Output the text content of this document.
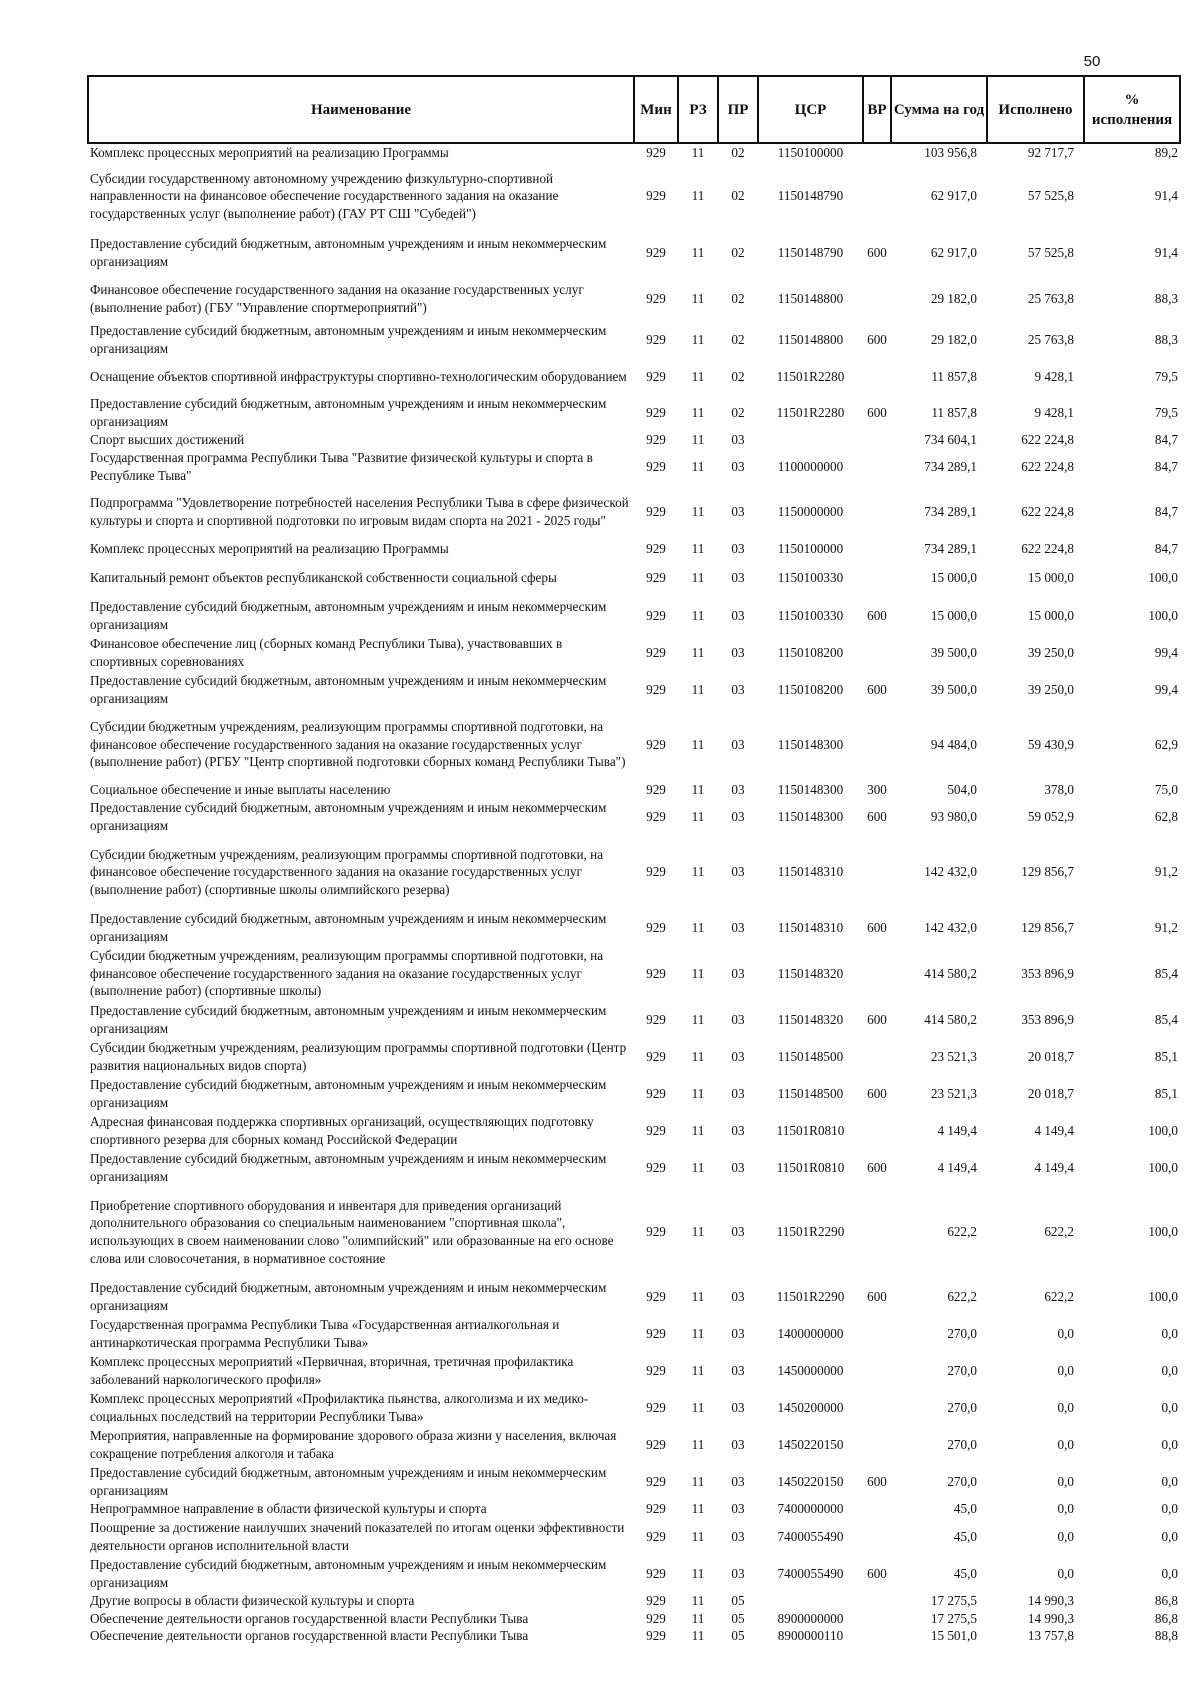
50
Наименование	Мин	РЗ	ПР	ЦСР	ВР	Сумма на год	Исполнено	% исполнения
Комплекс процессных мероприятий на реализацию Программы	929	11	02	1150100000		103 956,8	92 717,7	89,2
Субсидии государственному автономному учреждению физкультурно-спортивной направленности на финансовое обеспечение государственного задания на оказание государственных услуг (выполнение работ) (ГАУ РТ СШ "Субедей")	929	11	02	1150148790		62 917,0	57 525,8	91,4
Предоставление субсидий бюджетным, автономным учреждениям и иным некоммерческим организациям	929	11	02	1150148790	600	62 917,0	57 525,8	91,4
Финансовое обеспечение государственного задания на оказание государственных услуг (выполнение работ) (ГБУ "Управление спортмероприятий")	929	11	02	1150148800		29 182,0	25 763,8	88,3
Предоставление субсидий бюджетным, автономным учреждениям и иным некоммерческим организациям	929	11	02	1150148800	600	29 182,0	25 763,8	88,3
Оснащение объектов спортивной инфраструктуры спортивно-технологическим оборудованием	929	11	02	11501R2280		11 857,8	9 428,1	79,5
Предоставление субсидий бюджетным, автономным учреждениям и иным некоммерческим организациям	929	11	02	11501R2280	600	11 857,8	9 428,1	79,5
Спорт высших достижений	929	11	03			734 604,1	622 224,8	84,7
Государственная программа Республики Тыва "Развитие физической культуры и спорта в Республике Тыва"	929	11	03	1100000000		734 289,1	622 224,8	84,7
Подпрограмма "Удовлетворение потребностей населения Республики Тыва в сфере физической культуры и спорта и спортивной подготовки по игровым видам спорта на 2021 - 2025 годы"	929	11	03	1150000000		734 289,1	622 224,8	84,7
Комплекс процессных мероприятий на реализацию Программы	929	11	03	1150100000		734 289,1	622 224,8	84,7
Капитальный ремонт объектов республиканской собственности социальной сферы	929	11	03	1150100330		15 000,0	15 000,0	100,0
Предоставление субсидий бюджетным, автономным учреждениям и иным некоммерческим организациям	929	11	03	1150100330	600	15 000,0	15 000,0	100,0
Финансовое обеспечение лиц (сборных команд Республики Тыва), участвовавших в спортивных соревнованиях	929	11	03	1150108200		39 500,0	39 250,0	99,4
Предоставление субсидий бюджетным, автономным учреждениям и иным некоммерческим организациям	929	11	03	1150108200	600	39 500,0	39 250,0	99,4
Субсидии бюджетным учреждениям, реализующим программы спортивной подготовки, на финансовое обеспечение государственного задания на оказание государственных услуг (выполнение работ) (РГБУ "Центр спортивной подготовки сборных команд Республики Тыва")	929	11	03	1150148300		94 484,0	59 430,9	62,9
Социальное обеспечение и иные выплаты населению	929	11	03	1150148300	300	504,0	378,0	75,0
Предоставление субсидий бюджетным, автономным учреждениям и иным некоммерческим организациям	929	11	03	1150148300	600	93 980,0	59 052,9	62,8
Субсидии бюджетным учреждениям, реализующим программы спортивной подготовки, на финансовое обеспечение государственного задания на оказание государственных услуг (выполнение работ) (спортивные школы олимпийского резерва)	929	11	03	1150148310		142 432,0	129 856,7	91,2
Предоставление субсидий бюджетным, автономным учреждениям и иным некоммерческим организациям	929	11	03	1150148310	600	142 432,0	129 856,7	91,2
Субсидии бюджетным учреждениям, реализующим программы спортивной подготовки, на финансовое обеспечение государственного задания на оказание государственных услуг (выполнение работ) (спортивные школы)	929	11	03	1150148320		414 580,2	353 896,9	85,4
Предоставление субсидий бюджетным, автономным учреждениям и иным некоммерческим организациям	929	11	03	1150148320	600	414 580,2	353 896,9	85,4
Субсидии бюджетным учреждениям, реализующим программы спортивной подготовки (Центр развития национальных видов спорта)	929	11	03	1150148500		23 521,3	20 018,7	85,1
Предоставление субсидий бюджетным, автономным учреждениям и иным некоммерческим организациям	929	11	03	1150148500	600	23 521,3	20 018,7	85,1
Адресная финансовая поддержка спортивных организаций, осуществляющих подготовку спортивного резерва для сборных команд Российской Федерации	929	11	03	11501R0810		4 149,4	4 149,4	100,0
Предоставление субсидий бюджетным, автономным учреждениям и иным некоммерческим организациям	929	11	03	11501R0810	600	4 149,4	4 149,4	100,0
Приобретение спортивного оборудования и инвентаря для приведения организаций дополнительного образования со специальным наименованием "спортивная школа", использующих в своем наименовании слово "олимпийский" или образованные на его основе слова или словосочетания, в нормативное состояние	929	11	03	11501R2290		622,2	622,2	100,0
Предоставление субсидий бюджетным, автономным учреждениям и иным некоммерческим организациям	929	11	03	11501R2290	600	622,2	622,2	100,0
Государственная программа Республики Тыва «Государственная антиалкогольная и антинаркотическая программа Республики Тыва»	929	11	03	1400000000		270,0	0,0	0,0
Комплекс процессных мероприятий «Первичная, вторичная, третичная профилактика заболеваний наркологического профиля»	929	11	03	1450000000		270,0	0,0	0,0
Комплекс процессных мероприятий «Профилактика пьянства, алкоголизма и их медико-социальных последствий на территории Республики Тыва»	929	11	03	1450200000		270,0	0,0	0,0
Мероприятия, направленные на формирование здорового образа жизни у населения, включая сокращение потребления алкоголя и табака	929	11	03	1450220150		270,0	0,0	0,0
Предоставление субсидий бюджетным, автономным учреждениям и иным некоммерческим организациям	929	11	03	1450220150	600	270,0	0,0	0,0
Непрограммное направление в области физической культуры и спорта	929	11	03	7400000000		45,0	0,0	0,0
Поощрение за достижение наилучших значений показателей по итогам оценки эффективности деятельности органов исполнительной власти	929	11	03	7400055490		45,0	0,0	0,0
Предоставление субсидий бюджетным, автономным учреждениям и иным некоммерческим организациям	929	11	03	7400055490	600	45,0	0,0	0,0
Другие вопросы в области физической культуры и спорта	929	11	05			17 275,5	14 990,3	86,8
Обеспечение деятельности органов государственной власти Республики Тыва	929	11	05	8900000000		17 275,5	14 990,3	86,8
Обеспечение деятельности органов государственной власти Республики Тыва	929	11	05	8900000110		15 501,0	13 757,8	88,8
